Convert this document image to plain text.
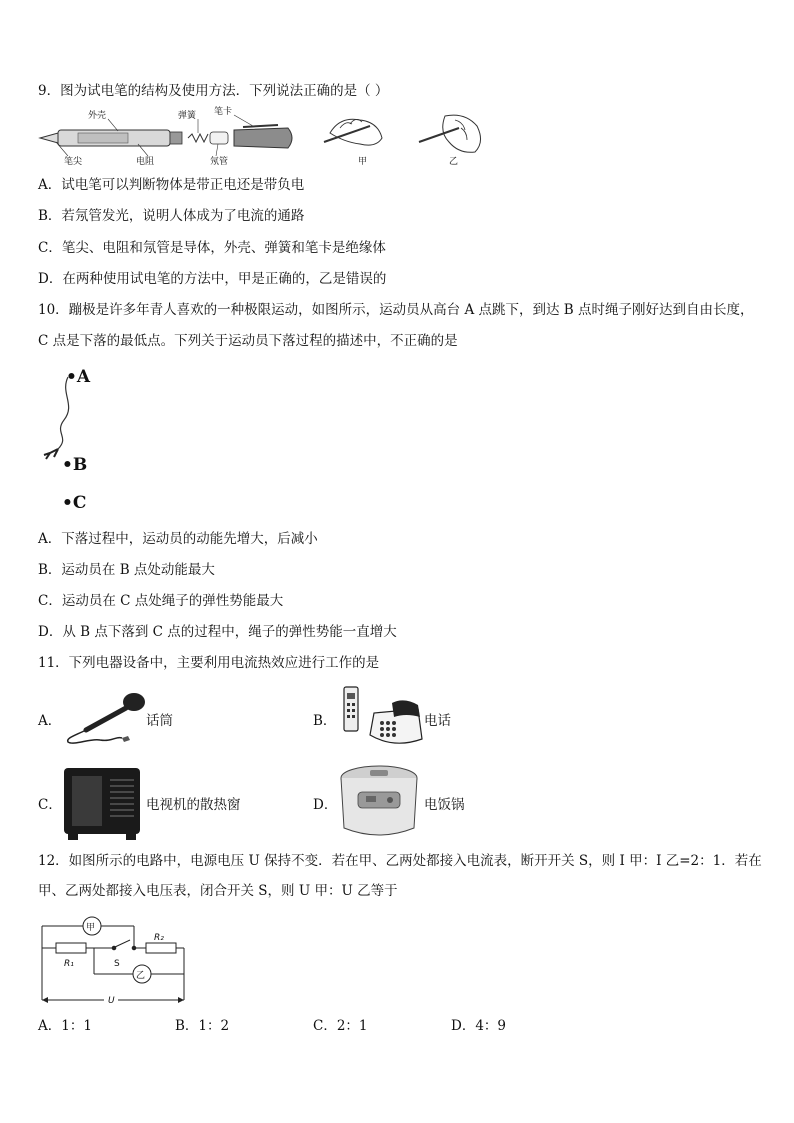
9．图为试电笔的结构及使用方法．下列说法正确的是（ ）
外壳	弹簧 笔卡
笔尖	电阻	氖管	甲	乙
A．试电笔可以判断物体是带正电还是带负电
B．若氖管发光，说明人体成为了电流的通路
C．笔尖、电阻和氖管是导体，外壳、弹簧和笔卡是绝缘体
D．在两种使用试电笔的方法中，甲是正确的，乙是错误的
10．蹦极是许多年青人喜欢的一种极限运动，如图所示，运动员从高台 A 点跳下，到达 B 点时绳子刚好达到自由长度，
C 点是下落的最低点。下列关于运动员下落过程的描述中，不正确的是
•A
•B
•C
A．下落过程中，运动员的动能先增大，后减小
B．运动员在 B 点处动能最大
C．运动员在 C 点处绳子的弹性势能最大
D．从 B 点下落到 C 点的过程中，绳子的弹性势能一直增大
11．下列电器设备中，主要利用电流热效应进行工作的是
A．	话筒	B．	电话
C．	电视机的散热窗	D．	电饭锅
12．如图所示的电路中，电源电压 U 保持不变．若在甲、乙两处都接入电流表，断开开关 S，则 I 甲：I 乙=2：1．若在
甲、乙两处都接入电压表，闭合开关 S，则 U 甲：U 乙等于
甲
乙
R₁
R₂
S
U
A．1：1	B．1：2	C．2：1	D．4：9
